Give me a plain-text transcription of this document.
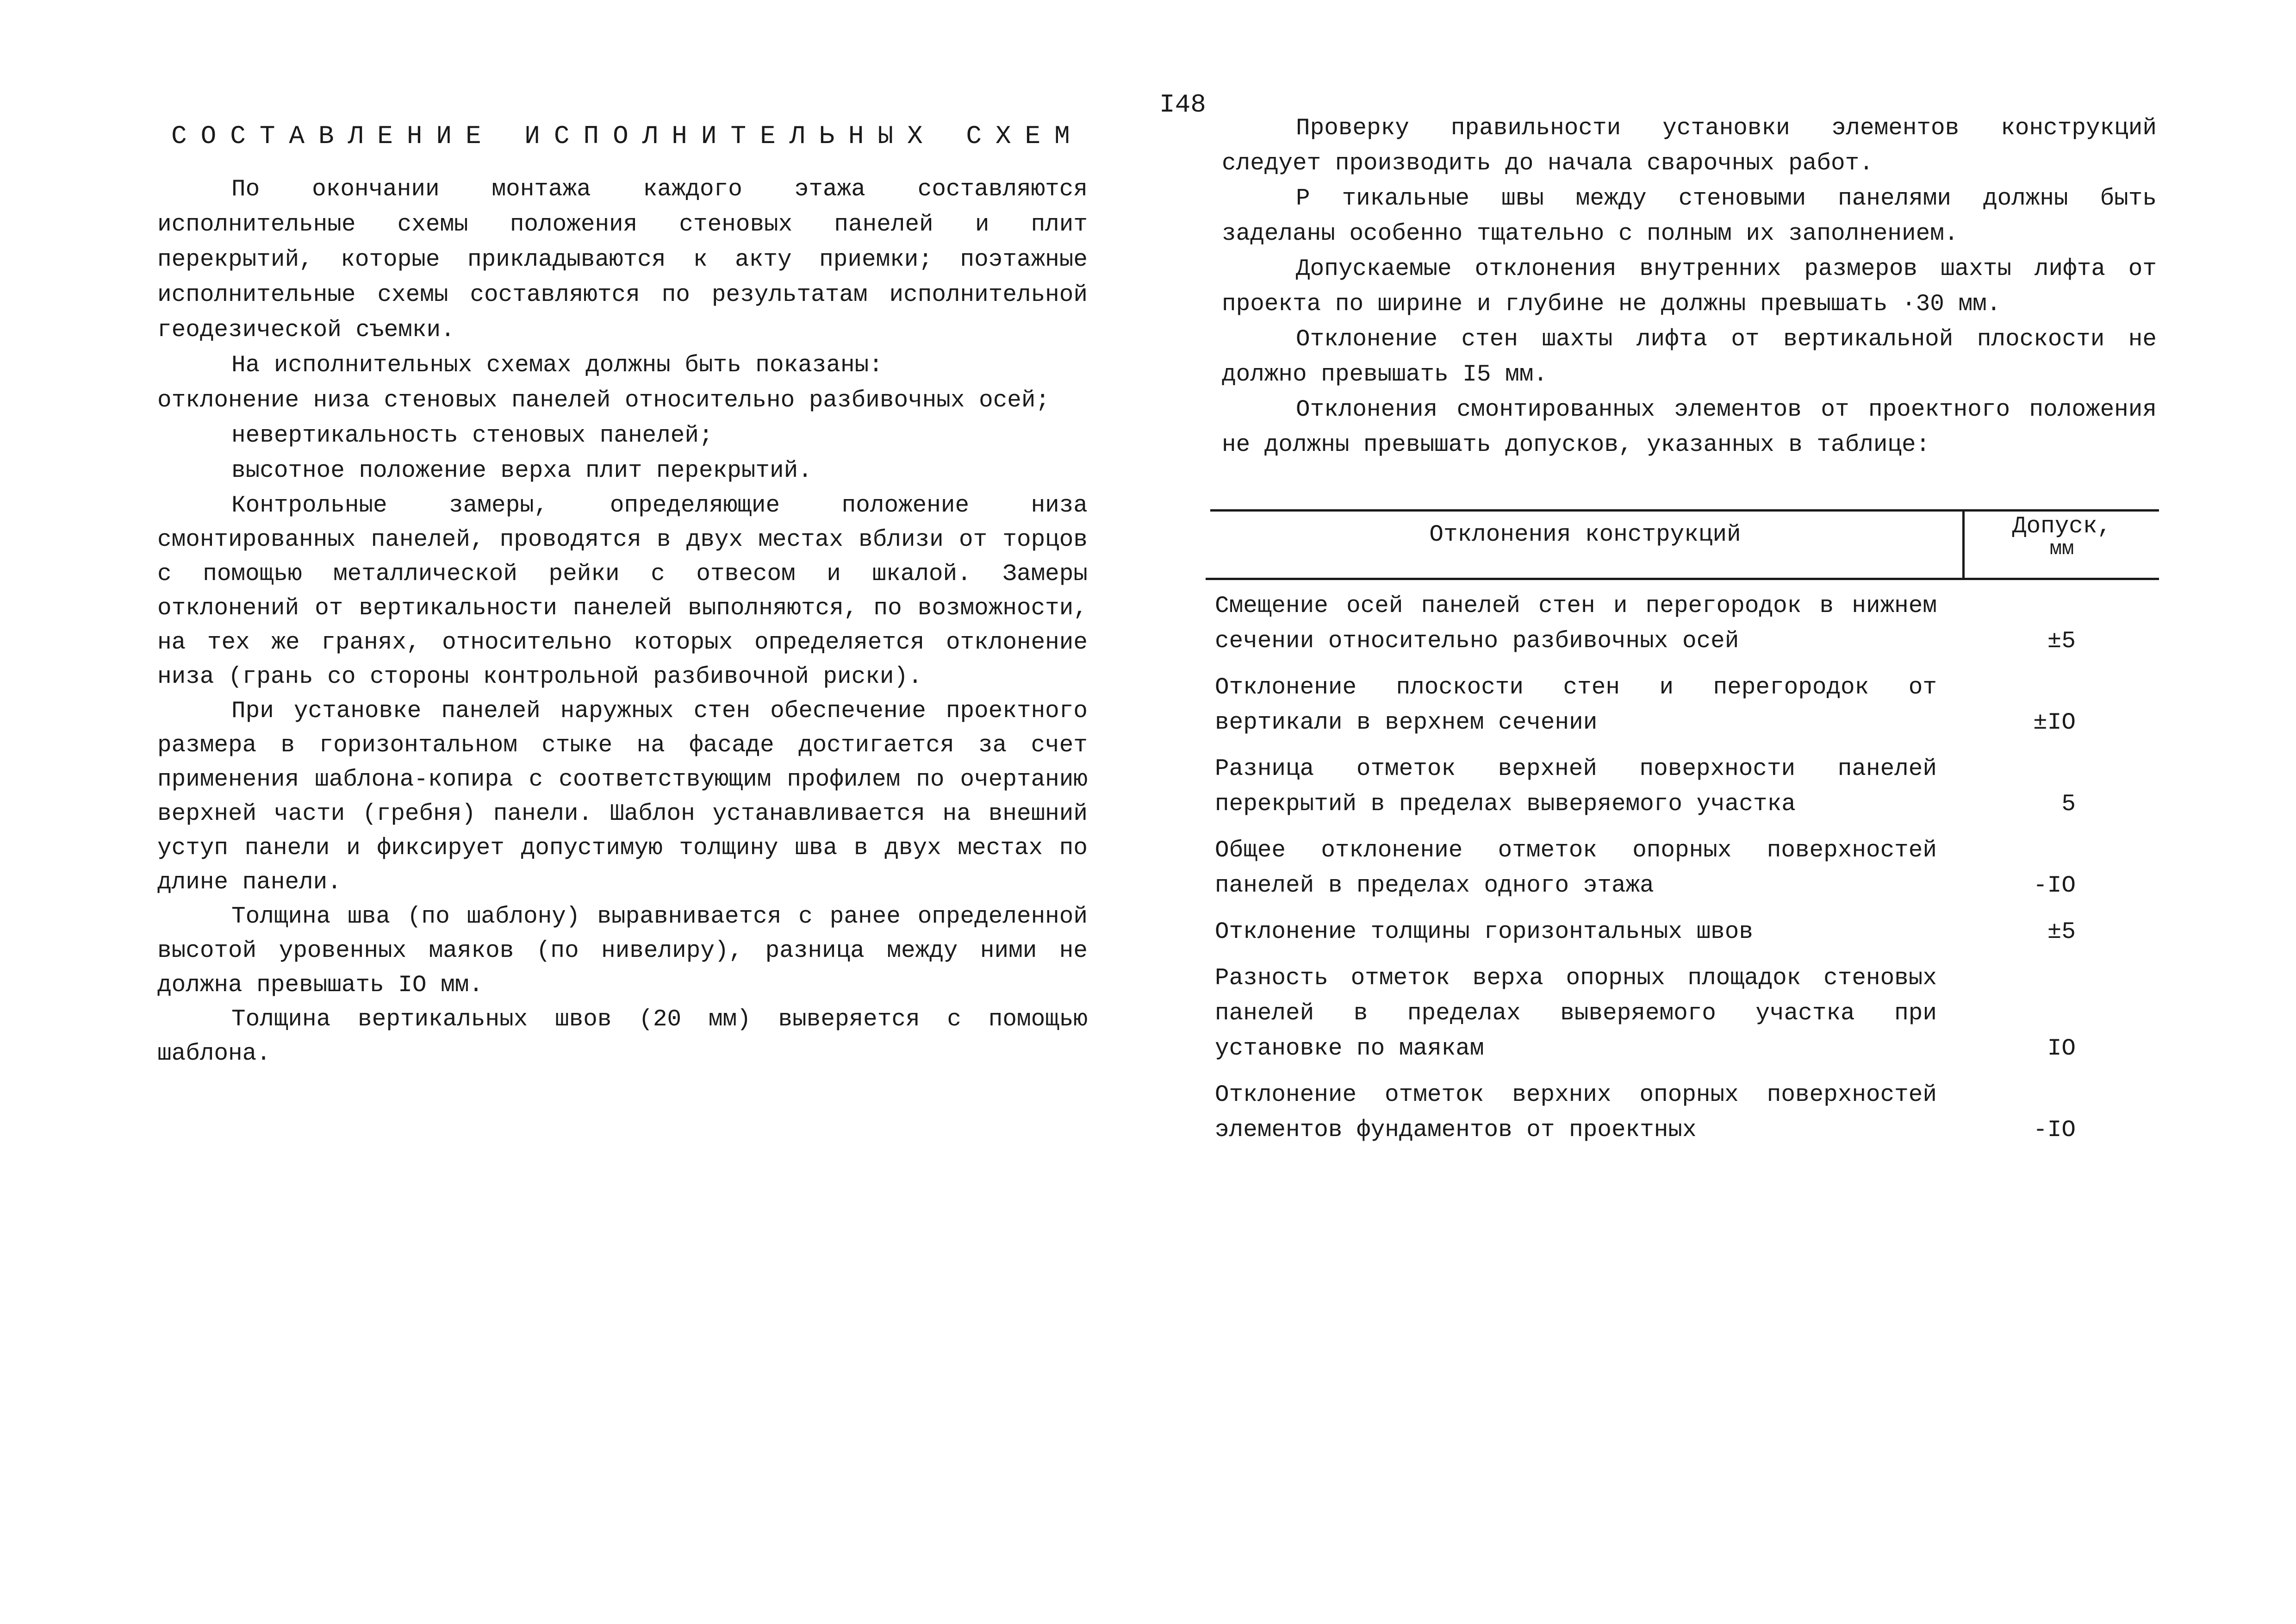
I48
СОСТАВЛЕНИЕ ИСПОЛНИТЕЛЬНЫХ СХЕМ

По окончании монтажа каждого этажа составляются исполнительные схемы положения стеновых панелей и плит перекрытий, которые прикладываются к акту приемки; поэтажные исполнительные схемы составляются по результатам исполнительной геодезической съемки.

На исполнительных схемах должны быть показаны:

отклонение низа стеновых панелей относительно разбивочных осей;

невертикальность стеновых панелей;

высотное положение верха плит перекрытий.

Контрольные замеры, определяющие положение низа смонтированных панелей, проводятся в двух местах вблизи от торцов с помощью металлической рейки с отвесом и шкалой. Замеры отклонений от вертикальности панелей выполняются, по возможности, на тех же гранях, относительно которых определяется отклонение низа (грань со стороны контрольной разбивочной риски).

При установке панелей наружных стен обеспечение проектного размера в горизонтальном стыке на фасаде достигается за счет применения шаблона-копира с соответствующим профилем по очертанию верхней части (гребня) панели. Шаблон устанавливается на внешний уступ панели и фиксирует допустимую толщину шва в двух местах по длине панели.

Толщина шва (по шаблону) выравнивается с ранее определенной высотой уровенных маяков (по нивелиру), разница между ними не должна превышать IO мм.

Толщина вертикальных швов (20 мм) выверяется с помощью шаблона.

Проверку правильности установки элементов конструкций следует производить до начала сварочных работ.

Р тикальные швы между стеновыми панелями должны быть заделаны особенно тщательно с полным их заполнением.

Допускаемые отклонения внутренних размеров шахты лифта от проекта по ширине и глубине не должны превышать ·30 мм.

Отклонение стен шахты лифта от вертикальной плоскости не должно превышать I5 мм.

Отклонения смонтированных элементов от проектного положения не должны превышать допусков, указанных в таблице:

Отклонения конструкций	Допуск,
мм
Смещение осей панелей стен и перегородок в нижнем сечении относительно разбивочных осей	±5
Отклонение плоскости стен и перегородок от вертикали в верхнем сечении	±IO
Разница отметок верхней поверхности панелей перекрытий в пределах выверяемого участка	5
Общее отклонение отметок опорных поверхностей панелей в пределах одного этажа	-IO
Отклонение толщины горизонтальных швов	±5
Разность отметок верха опорных площадок стеновых панелей в пределах выверяемого участка при установке по маякам	IO
Отклонение отметок верхних опорных поверхностей элементов фундаментов от проектных	-IO
